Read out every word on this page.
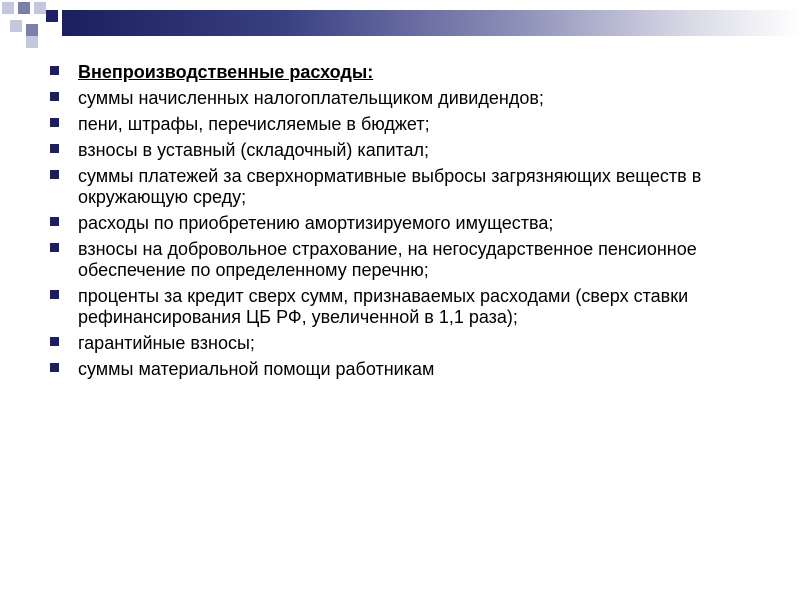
Внепроизводственные расходы:
суммы начисленных налогоплательщиком дивидендов;
пени, штрафы, перечисляемые в бюджет;
взносы в уставный (складочный) капитал;
суммы платежей за сверхнормативные выбросы загрязняющих веществ в окружающую среду;
расходы по приобретению амортизируемого имущества;
взносы на добровольное страхование, на негосударственное пенсионное обеспечение по определенному перечню;
проценты за кредит сверх сумм, признаваемых расходами (сверх ставки рефинансирования ЦБ РФ, увеличенной в 1,1 раза);
гарантийные взносы;
суммы материальной помощи работникам
